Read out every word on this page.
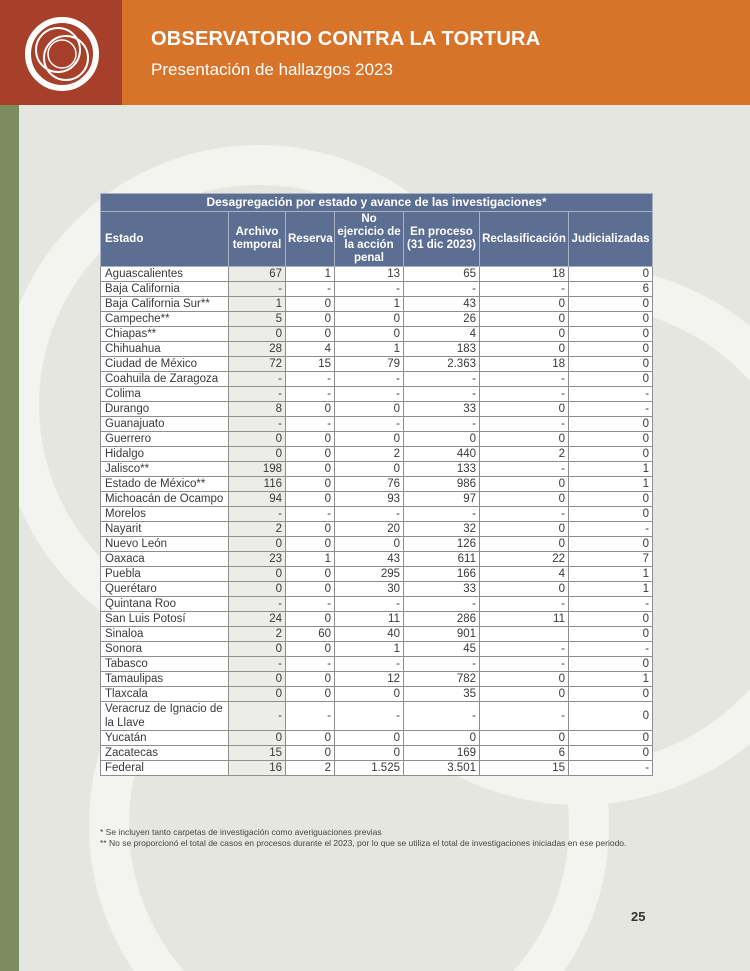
OBSERVATORIO CONTRA LA TORTURA

Presentación de hallazgos 2023

Desagregación por estado y avance de las investigaciones*						
Estado	Archivo temporal	Reserva	No ejercicio de la acción penal	En proceso (31 dic 2023)	Reclasificación	Judicializadas
Aguascalientes	67	1	13	65	18	0
Baja California	-	-	-	-	-	6
Baja California Sur**	1	0	1	43	0	0
Campeche**	5	0	0	26	0	0
Chiapas**	0	0	0	4	0	0
Chihuahua	28	4	1	183	0	0
Ciudad de México	72	15	79	2.363	18	0
Coahuila de Zaragoza	-	-	-	-	-	0
Colima	-	-	-	-	-	-
Durango	8	0	0	33	0	-
Guanajuato	-	-	-	-	-	0
Guerrero	0	0	0	0	0	0
Hidalgo	0	0	2	440	2	0
Jalisco**	198	0	0	133	-	1
Estado de México**	116	0	76	986	0	1
Michoacán de Ocampo	94	0	93	97	0	0
Morelos	-	-	-	-	-	0
Nayarit	2	0	20	32	0	-
Nuevo León	0	0	0	126	0	0
Oaxaca	23	1	43	611	22	7
Puebla	0	0	295	166	4	1
Querétaro	0	0	30	33	0	1
Quintana Roo	-	-	-	-	-	-
San Luis Potosí	24	0	11	286	11	0
Sinaloa	2	60	40	901		0
Sonora	0	0	1	45	-	-
Tabasco	-	-	-	-	-	0
Tamaulipas	0	0	12	782	0	1
Tlaxcala	0	0	0	35	0	0
Veracruz de Ignacio de la Llave	-	-	-	-	-	0
Yucatán	0	0	0	0	0	0
Zacatecas	15	0	0	169	6	0
Federal	16	2	1.525	3.501	15	-

* Se incluyen tanto carpetas de investigación como averiguaciones previas

** No se proporcionó el total de casos en procesos durante el 2023, por lo que se utiliza el total de investigaciones iniciadas en ese periodo.

25
